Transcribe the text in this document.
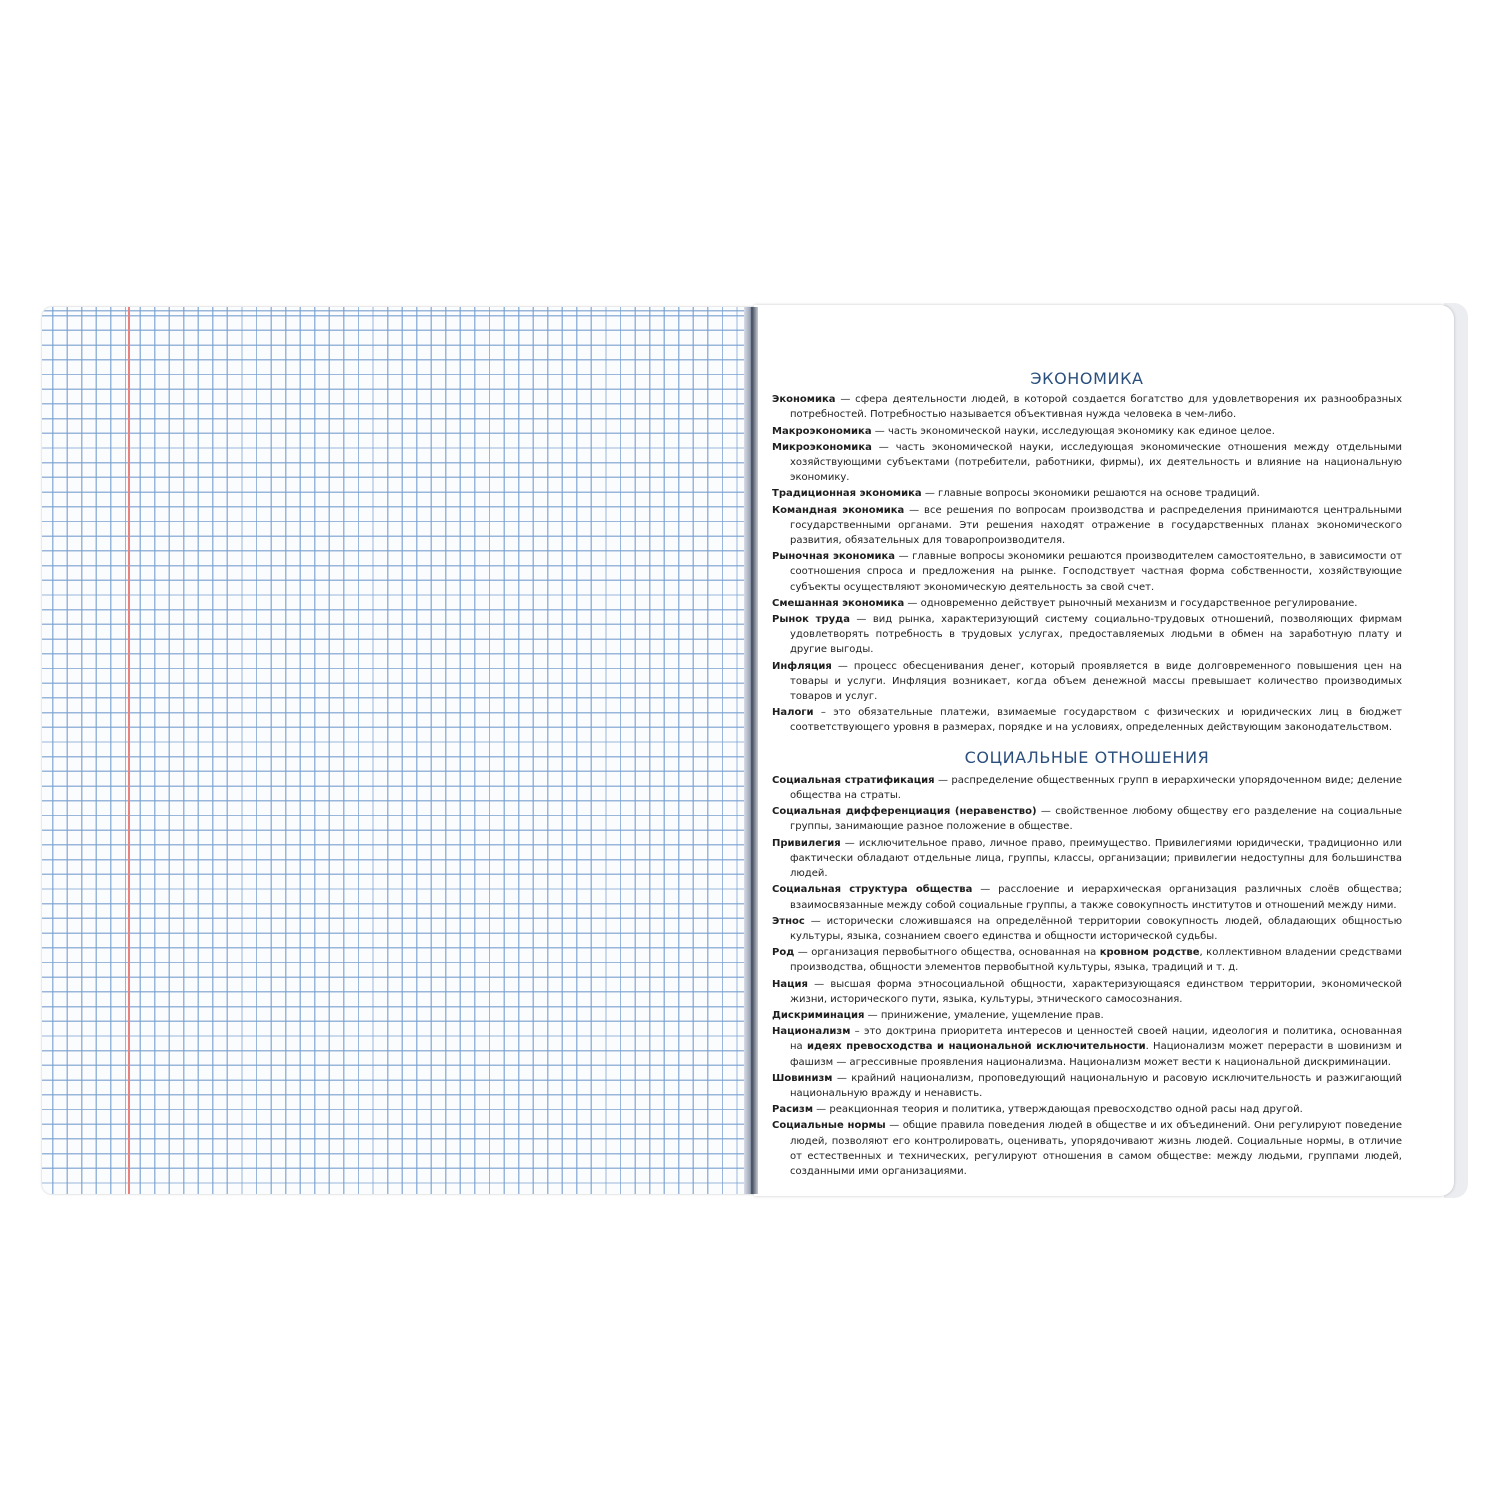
ЭКОНОМИКА
Экономика — сфера деятельности людей, в которой создается богатство для удовлетворения их разнообразных потребностей. Потребностью называется объективная нужда человека в чем-либо.
Макроэкономика — часть экономической науки, исследующая экономику как единое целое.
Микроэкономика — часть экономической науки, исследующая экономические отношения между отдельными хозяйствующими субъектами (потребители, работники, фирмы), их деятельность и влияние на национальную экономику.
Традиционная экономика — главные вопросы экономики решаются на основе традиций.
Командная экономика — все решения по вопросам производства и распределения принимаются центральными государственными органами. Эти решения находят отражение в государственных планах экономического развития, обязательных для товаропроизводителя.
Рыночная экономика — главные вопросы экономики решаются производителем самостоятельно, в зависимости от соотношения спроса и предложения на рынке. Господствует частная форма собственности, хозяйствующие субъекты осуществляют экономическую деятельность за свой счет.
Смешанная экономика — одновременно действует рыночный механизм и государственное регулирование.
Рынок труда — вид рынка, характеризующий систему социально-трудовых отношений, позволяющих фирмам удовлетворять потребность в трудовых услугах, предоставляемых людьми в обмен на заработную плату и другие выгоды.
Инфляция — процесс обесценивания денег, который проявляется в виде долговременного повышения цен на товары и услуги. Инфляция возникает, когда объем денежной массы превышает количество производимых товаров и услуг.
Налоги – это обязательные платежи, взимаемые государством с физических и юридических лиц в бюджет соответствующего уровня в размерах, порядке и на условиях, определенных действующим законодательством.
СОЦИАЛЬНЫЕ ОТНОШЕНИЯ
Социальная стратификация — распределение общественных групп в иерархически упорядоченном виде; деление общества на страты.
Социальная дифференциация (неравенство) — свойственное любому обществу его разделение на социальные группы, занимающие разное положение в обществе.
Привилегия — исключительное право, личное право, преимущество. Привилегиями юридически, традиционно или фактически обладают отдельные лица, группы, классы, организации; привилегии недоступны для большинства людей.
Социальная структура общества — расслоение и иерархическая организация различных слоёв общества; взаимосвязанные между собой социальные группы, а также совокупность институтов и отношений между ними.
Этнос — исторически сложившаяся на определённой территории совокупность людей, обладающих общностью культуры, языка, сознанием своего единства и общности исторической судьбы.
Род — организация первобытного общества, основанная на кровном родстве, коллективном владении средствами производства, общности элементов первобытной культуры, языка, традиций и т. д.
Нация — высшая форма этносоциальной общности, характеризующаяся единством территории, экономической жизни, исторического пути, языка, культуры, этнического самосознания.
Дискриминация — принижение, умаление, ущемление прав.
Национализм – это доктрина приоритета интересов и ценностей своей нации, идеология и политика, основанная на идеях превосходства и национальной исключительности. Национализм может перерасти в шовинизм и фашизм — агрессивные проявления национализма. Национализм может вести к национальной дискриминации.
Шовинизм — крайний национализм, проповедующий национальную и расовую исключительность и разжигающий национальную вражду и ненависть.
Расизм — реакционная теория и политика, утверждающая превосходство одной расы над другой.
Социальные нормы — общие правила поведения людей в обществе и их объединений. Они регулируют поведение людей, позволяют его контролировать, оценивать, упорядочивают жизнь людей. Социальные нормы, в отличие от естественных и технических, регулируют отношения в самом обществе: между людьми, группами людей, созданными ими организациями.
